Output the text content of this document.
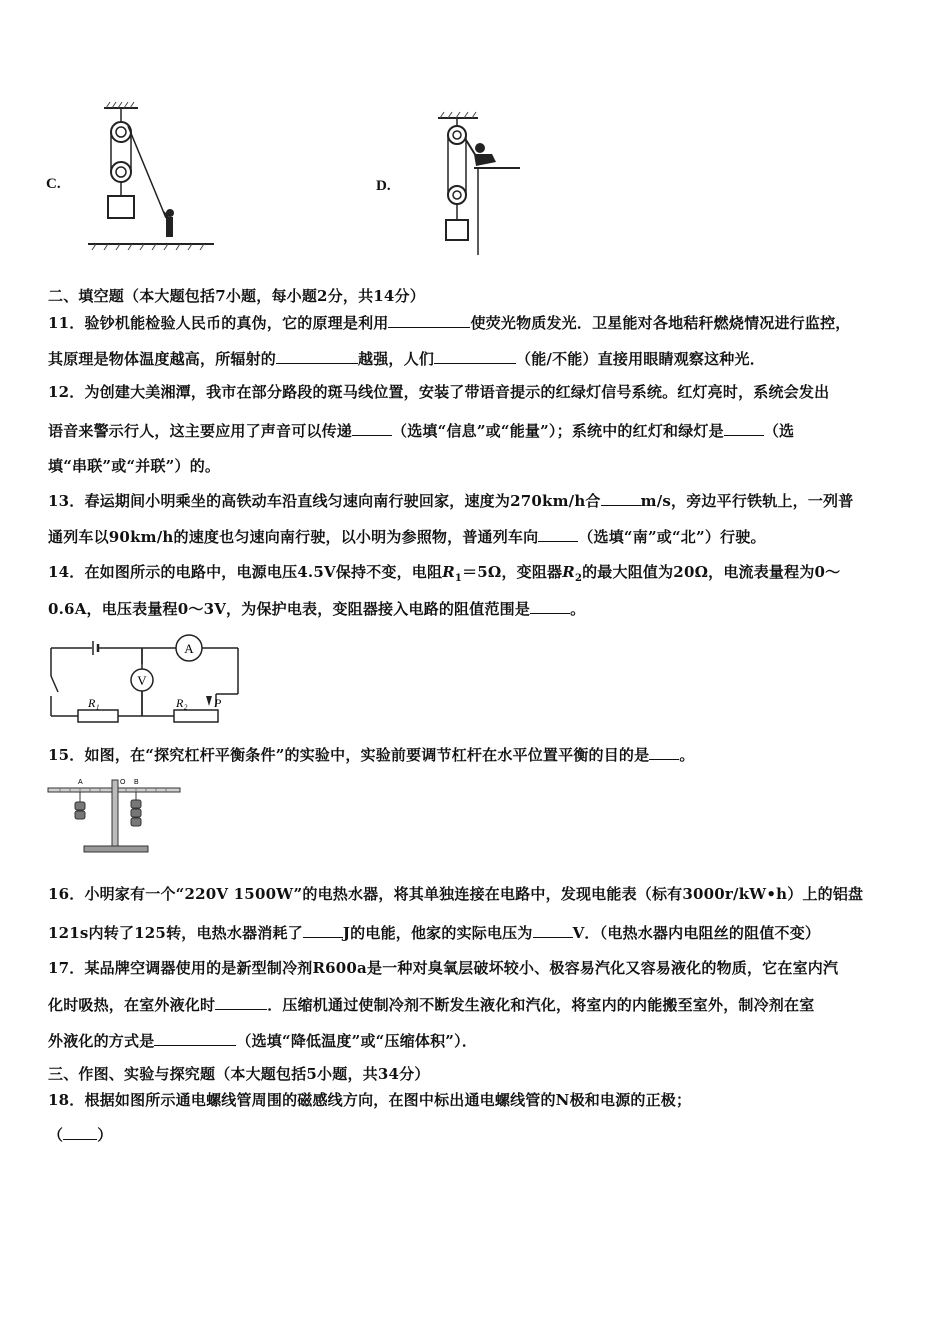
C.	D.
二、填空题（本大题包括7小题，每小题2分，共14分）
11．验钞机能检验人民币的真伪，它的原理是利用	使荧光物质发光．卫星能对各地秸秆燃烧情况进行监控，
其原理是物体温度越高，所辐射的	越强，人们	（能/不能）直接用眼睛观察这种光．
12．为创建大美湘潭，我市在部分路段的斑马线位置，安装了带语音提示的红绿灯信号系统。红灯亮时，系统会发出
语音来警示行人，这主要应用了声音可以传递	（选填“信息”或“能量”）；系统中的红灯和绿灯是	（选
填“串联”或“并联”）的。
13．春运期间小明乘坐的高铁动车沿直线匀速向南行驶回家，速度为270km/h合	m/s，旁边平行铁轨上，一列普
通列车以90km/h的速度也匀速向南行驶，以小明为参照物，普通列车向	（选填“南”或“北”）行驶。
14．在如图所示的电路中，电源电压4.5V保持不变，电阻$R_1=5\Omega$，变阻器$R_2$的最大阻值为20Ω，电流表量程为0～
0.6A，电压表量程0～3V，为保护电表，变阻器接入电路的阻值范围是	。
A
V
R₁	R₂ P
15．如图，在“探究杠杆平衡条件”的实验中，实验前要调节杠杆在水平位置平衡的目的是 。
A	O B
16．小明家有一个“220V 1500W”的电热水器，将其单独连接在电路中，发现电能表（标有3000r/kW•h）上的铝盘
121s内转了125转，电热水器消耗了	J的电能，他家的实际电压为	V．（电热水器内电阻丝的阻值不变）
17．某品牌空调器使用的是新型制冷剂R600a是一种对臭氧层破坏较小、极容易汽化又容易液化的物质，它在室内汽
化时吸热，在室外液化时	．压缩机通过使制冷剂不断发生液化和汽化，将室内的内能搬至室外，制冷剂在室
外液化的方式是	（选填“降低温度”或“压缩体积”）．
三、作图、实验与探究题（本大题包括5小题，共34分）
18．根据如图所示通电螺线管周围的磁感线方向，在图中标出通电螺线管的N极和电源的正极；
（ ）
